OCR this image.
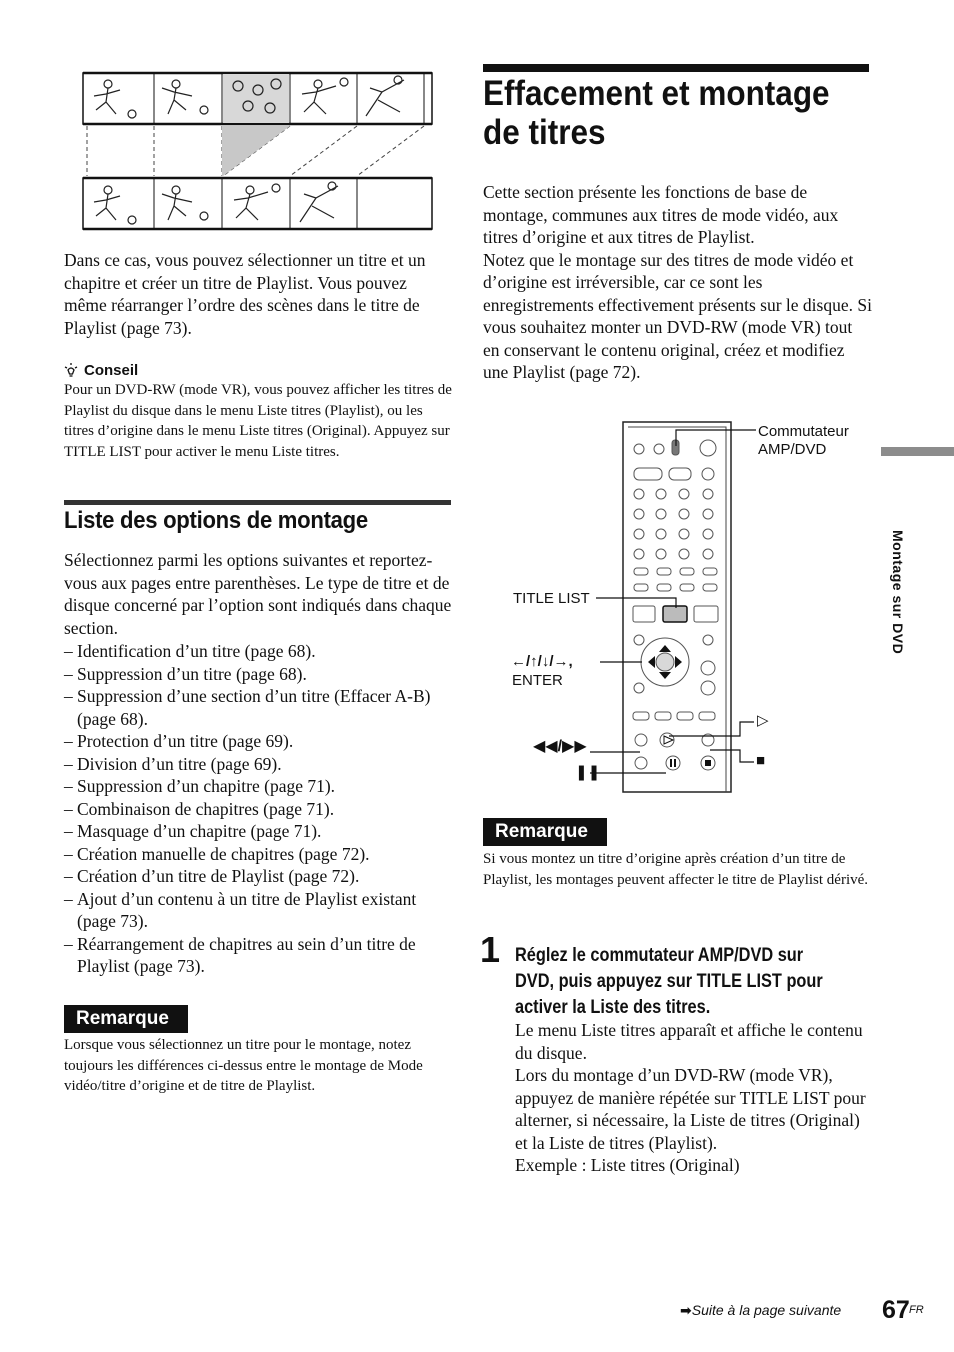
Dans ce cas, vous pouvez sélectionner un titre et un chapitre et créer un titre de Playlist. Vous pouvez même réarranger l’ordre des scènes dans le titre de Playlist (page 73).
Conseil
Pour un DVD-RW (mode VR), vous pouvez afficher les titres de Playlist du disque dans le menu Liste titres (Playlist), ou les titres d’origine dans le menu Liste titres (Original). Appuyez sur TITLE LIST pour activer le menu Liste titres.
Liste des options de montage
Sélectionnez parmi les options suivantes et reportez-vous aux pages entre parenthèses. Le type de titre et de disque concerné par l’option sont indiqués dans chaque section.
– Identification d’un titre (page 68).
– Suppression d’un titre (page 68).
– Suppression d’une section d’un titre (Effacer A-B) (page 68).
– Protection d’un titre (page 69).
– Division d’un titre (page 69).
– Suppression d’un chapitre (page 71).
– Combinaison de chapitres (page 71).
– Masquage d’un chapitre (page 71).
– Création manuelle de chapitres (page 72).
– Création d’un titre de Playlist (page 72).
– Ajout d’un contenu à un titre de Playlist existant (page 73).
– Réarrangement de chapitres au sein d’un titre de Playlist (page 73).
Remarque
Lorsque vous sélectionnez un titre pour le montage, notez toujours les différences ci-dessus entre le montage de Mode vidéo/titre d’origine et de titre de Playlist.
Effacement et montage de titres
Cette section présente les fonctions de base de montage, communes aux titres de mode vidéo, aux titres d’origine et aux titres de Playlist.
Notez que le montage sur des titres de mode vidéo et d’origine est irréversible, car ce sont les enregistrements effectivement présents sur le disque. Si vous souhaitez monter un DVD-RW (mode VR) tout en conservant le contenu original, créez et modifiez une Playlist (page 72).
Commutateur AMP/DVD
TITLE LIST
←/↑/↓/→,
ENTER
◀◀/▶▶
❚❚
▷
■
Remarque
Si vous montez un titre d’origine après création d’un titre de Playlist, les montages peuvent affecter le titre de Playlist dérivé.
1 Réglez le commutateur AMP/DVD sur DVD, puis appuyez sur TITLE LIST pour activer la Liste des titres.
Le menu Liste titres apparaît et affiche le contenu du disque.
Lors du montage d’un DVD-RW (mode VR), appuyez de manière répétée sur TITLE LIST pour alterner, si nécessaire, la Liste de titres (Original) et la Liste de titres (Playlist).
Exemple : Liste titres (Original)
Montage sur DVD
➡Suite à la page suivante 67 FR
